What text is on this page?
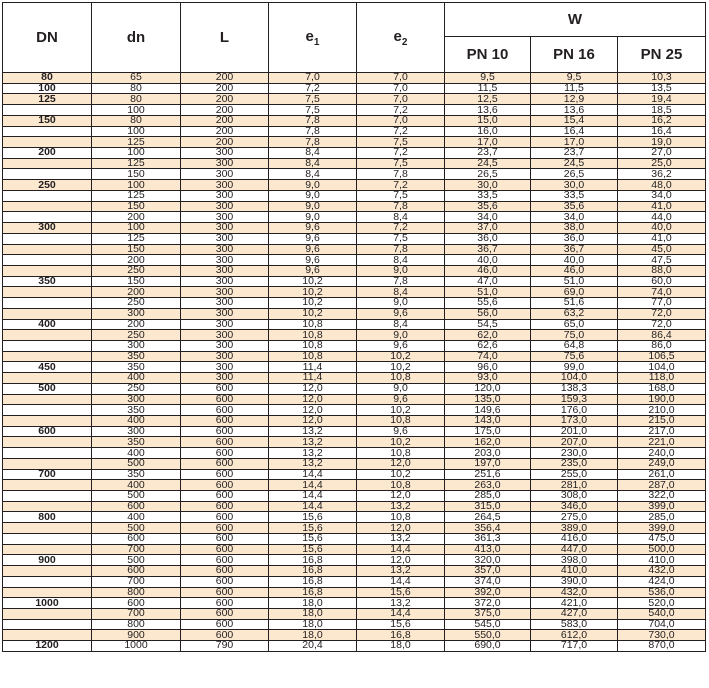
DN	dn	L	$e_1$	$e_2$	W		
					PN 10	PN 16	PN 25
80	65	200	7,0	7,0	9,5	9,5	10,3
100	80	200	7,2	7,0	11,5	11,5	13,5
125	80	200	7,5	7,0	12,5	12,9	19,4
	100	200	7,5	7,2	13,6	13,6	18,5
150	80	200	7,8	7,0	15,0	15,4	16,2
	100	200	7,8	7,2	16,0	16,4	16,4
	125	200	7,8	7,5	17,0	17,0	19,0
200	100	300	8,4	7,2	23,7	23,7	27,0
	125	300	8,4	7,5	24,5	24,5	25,0
	150	300	8,4	7,8	26,5	26,5	36,2
250	100	300	9,0	7,2	30,0	30,0	48,0
	125	300	9,0	7,5	33,5	33,5	34,0
	150	300	9,0	7,8	35,6	35,6	41,0
	200	300	9,0	8,4	34,0	34,0	44,0
300	100	300	9,6	7,2	37,0	38,0	40,0
	125	300	9,6	7,5	36,0	36,0	41,0
	150	300	9,6	7,8	36,7	36,7	45,0
	200	300	9,6	8,4	40,0	40,0	47,5
	250	300	9,6	9,0	46,0	46,0	88,0
350	150	300	10,2	7,8	47,0	51,0	60,0
	200	300	10,2	8,4	51,0	69,0	74,0
	250	300	10,2	9,0	55,6	51,6	77,0
	300	300	10,2	9,6	56,0	63,2	72,0
400	200	300	10,8	8,4	54,5	65,0	72,0
	250	300	10,8	9,0	62,0	75,0	86,4
	300	300	10,8	9,6	62,6	64,8	86,0
	350	300	10,8	10,2	74,0	75,6	106,5
450	350	300	11,4	10,2	96,0	99,0	104,0
	400	300	11,4	10,8	93,0	104,0	118,0
500	250	600	12,0	9,0	120,0	138,3	168,0
	300	600	12,0	9,6	135,0	159,3	190,0
	350	600	12,0	10,2	149,6	176,0	210,0
	400	600	12,0	10,8	143,0	173,0	215,0
600	300	600	13,2	9,6	175,0	201,0	217,0
	350	600	13,2	10,2	162,0	207,0	221,0
	400	600	13,2	10,8	203,0	230,0	240,0
	500	600	13,2	12,0	197,0	235,0	249,0
700	350	600	14,4	10,2	251,6	255,0	261,0
	400	600	14,4	10,8	263,0	281,0	287,0
	500	600	14,4	12,0	285,0	308,0	322,0
	600	600	14,4	13,2	315,0	346,0	399,0
800	400	600	15,6	10,8	264,5	275,0	285,0
	500	600	15,6	12,0	356,4	389,0	399,0
	600	600	15,6	13,2	361,3	416,0	475,0
	700	600	15,6	14,4	413,0	447,0	500,0
900	500	600	16,8	12,0	320,0	398,0	410,0
	600	600	16,8	13,2	357,0	410,0	432,0
	700	600	16,8	14,4	374,0	390,0	424,0
	800	600	16,8	15,6	392,0	432,0	536,0
1000	600	600	18,0	13,2	372,0	421,0	520,0
	700	600	18,0	14,4	375,0	427,0	540,0
	800	600	18,0	15,6	545,0	583,0	704,0
	900	600	18,0	16,8	550,0	612,0	730,0
1200	1000	790	20,4	18,0	690,0	717,0	870,0
